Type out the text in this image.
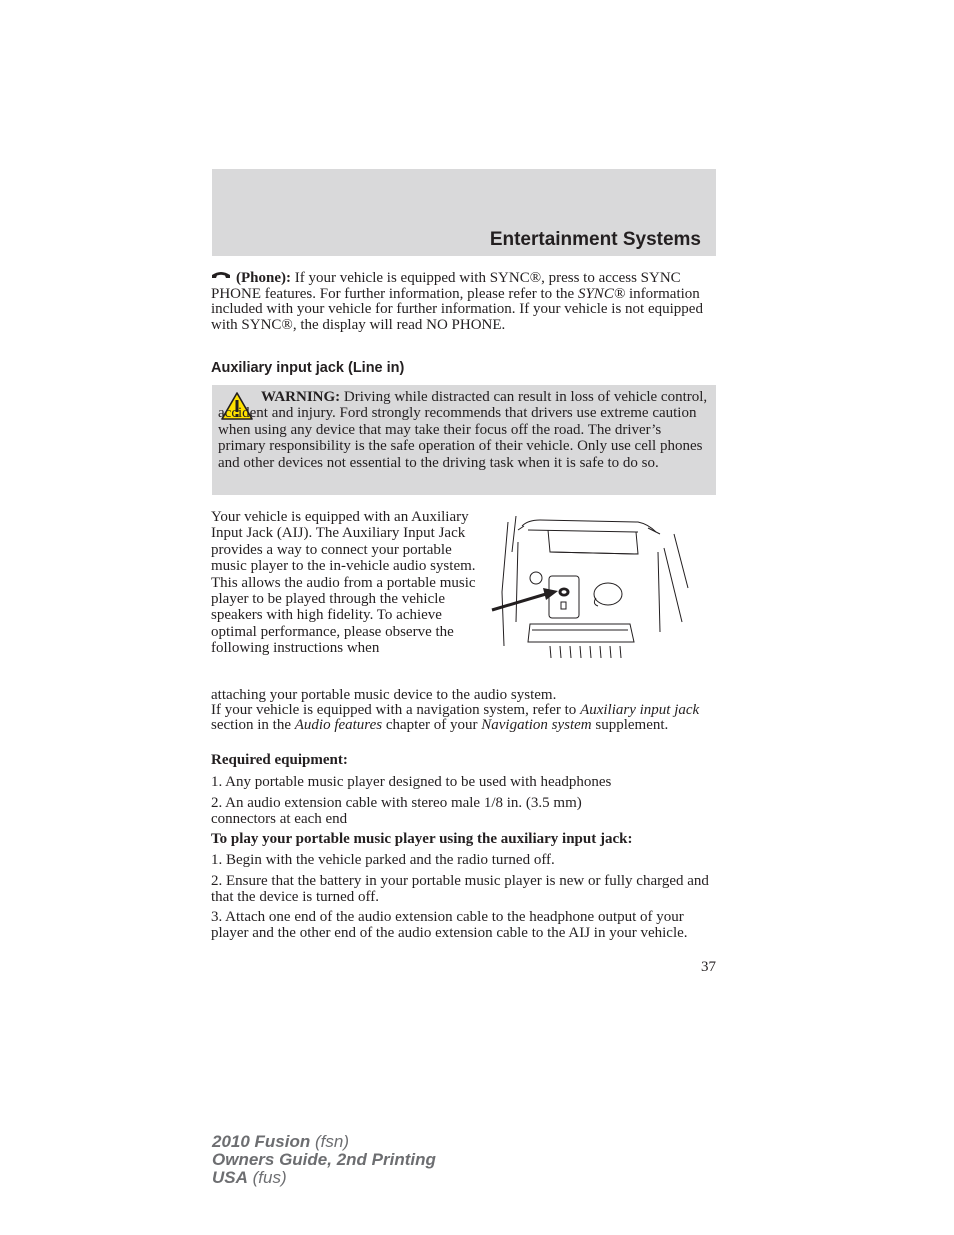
Entertainment Systems

(Phone): If your vehicle is equipped with SYNC®, press to access SYNC PHONE features. For further information, please refer to the SYNC® information included with your vehicle for further information. If your vehicle is not equipped with SYNC®, the display will read NO PHONE.

Auxiliary input jack (Line in)

WARNING: Driving while distracted can result in loss of vehicle control, accident and injury. Ford strongly recommends that drivers use extreme caution when using any device that may take their focus off the road. The driver’s primary responsibility is the safe operation of their vehicle. Only use cell phones and other devices not essential to the driving task when it is safe to do so.

Your vehicle is equipped with an Auxiliary Input Jack (AIJ). The Auxiliary Input Jack provides a way to connect your portable music player to the in-vehicle audio system. This allows the audio from a portable music player to be played through the vehicle speakers with high fidelity. To achieve optimal performance, please observe the following instructions when

attaching your portable music device to the audio system.

If your vehicle is equipped with a navigation system, refer to Auxiliary input jack section in the Audio features chapter of your Navigation system supplement.

Required equipment:
1. Any portable music player designed to be used with headphones
2. An audio extension cable with stereo male 1/8 in. (3.5 mm) connectors at each end
To play your portable music player using the auxiliary input jack:
1. Begin with the vehicle parked and the radio turned off.
2. Ensure that the battery in your portable music player is new or fully charged and that the device is turned off.
3. Attach one end of the audio extension cable to the headphone output of your player and the other end of the audio extension cable to the AIJ in your vehicle.
37
2010 Fusion (fsn)
Owners Guide, 2nd Printing
USA (fus)
